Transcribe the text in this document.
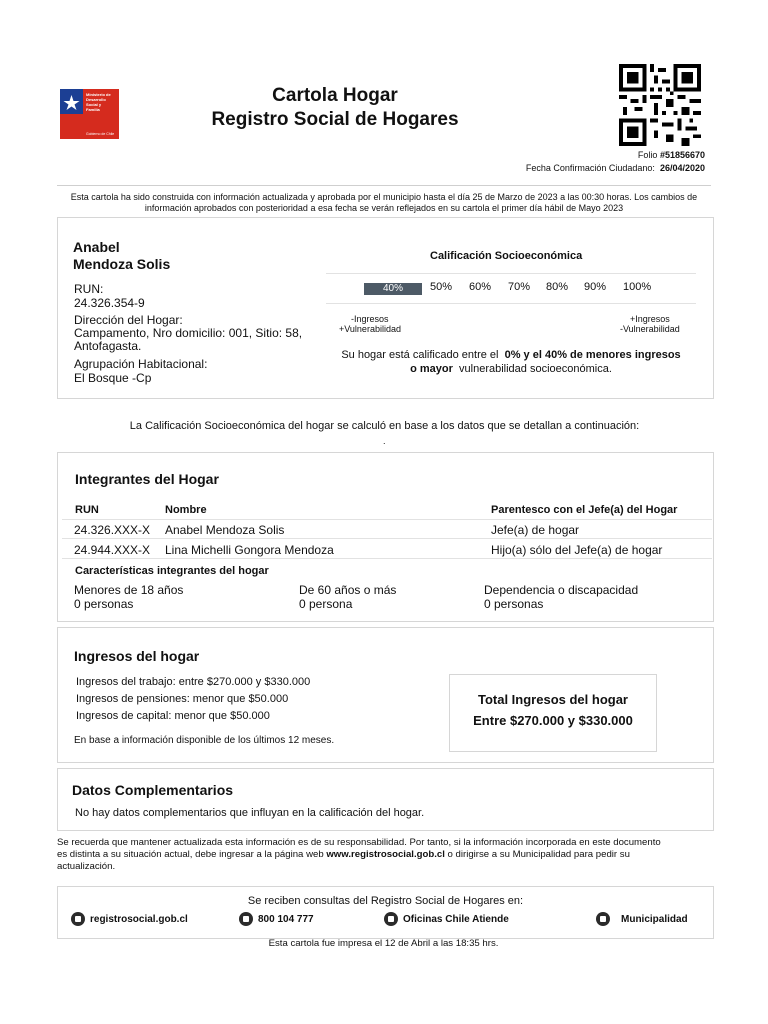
Ministerio de
Desarrollo
Social y
Familia
Gobierno de Chile
Cartola Hogar
Registro Social de Hogares
Folio #51856670
Fecha Confirmación Ciudadano: 26/04/2020
Esta cartola ha sido construida con información actualizada y aprobada por el municipio hasta el día 25 de Marzo de 2023 a las 00:30 horas. Los cambios de
información aprobados con posterioridad a esa fecha se verán reflejados en su cartola el primer día hábil de Mayo 2023
Anabel
Mendoza Solis
RUN:
24.326.354-9
Dirección del Hogar:
Campamento, Nro domicilio: 001, Sitio: 58,
Antofagasta.
Agrupación Habitacional:
El Bosque -Cp
Calificación Socioeconómica
40%	50% 60% 70% 80% 90% 100%
-Ingresos
+Vulnerabilidad
+Ingresos
-Vulnerabilidad
Su hogar está calificado entre el 0% y el 40% de menores ingresos
o mayor vulnerabilidad socioeconómica.
La Calificación Socioeconómica del hogar se calculó en base a los datos que se detallan a continuación:
.
Integrantes del Hogar
RUN	Nombre	Parentesco con el Jefe(a) del Hogar
24.326.XXX-X Anabel Mendoza Solis	Jefe(a) de hogar
24.944.XXX-X Lina Michelli Gongora Mendoza	Hijo(a) sólo del Jefe(a) de hogar
Características integrantes del hogar
Menores de 18 años
0 personas
De 60 años o más
0 persona
Dependencia o discapacidad
0 personas
Ingresos del hogar
Ingresos del trabajo: entre $270.000 y $330.000
Ingresos de pensiones: menor que $50.000
Ingresos de capital: menor que $50.000
En base a información disponible de los últimos 12 meses.
Total Ingresos del hogar
Entre $270.000 y $330.000
Datos Complementarios
No hay datos complementarios que influyan en la calificación del hogar.
Se recuerda que mantener actualizada esta información es de su responsabilidad. Por tanto, si la información incorporada en este documento
es distinta a su situación actual, debe ingresar a la página web www.registrosocial.gob.cl o dirigirse a su Municipalidad para pedir su
actualización.
Se reciben consultas del Registro Social de Hogares en:
registrosocial.gob.cl	800 104 777	Oficinas Chile Atiende	Municipalidad
Esta cartola fue impresa el 12 de Abril a las 18:35 hrs.
